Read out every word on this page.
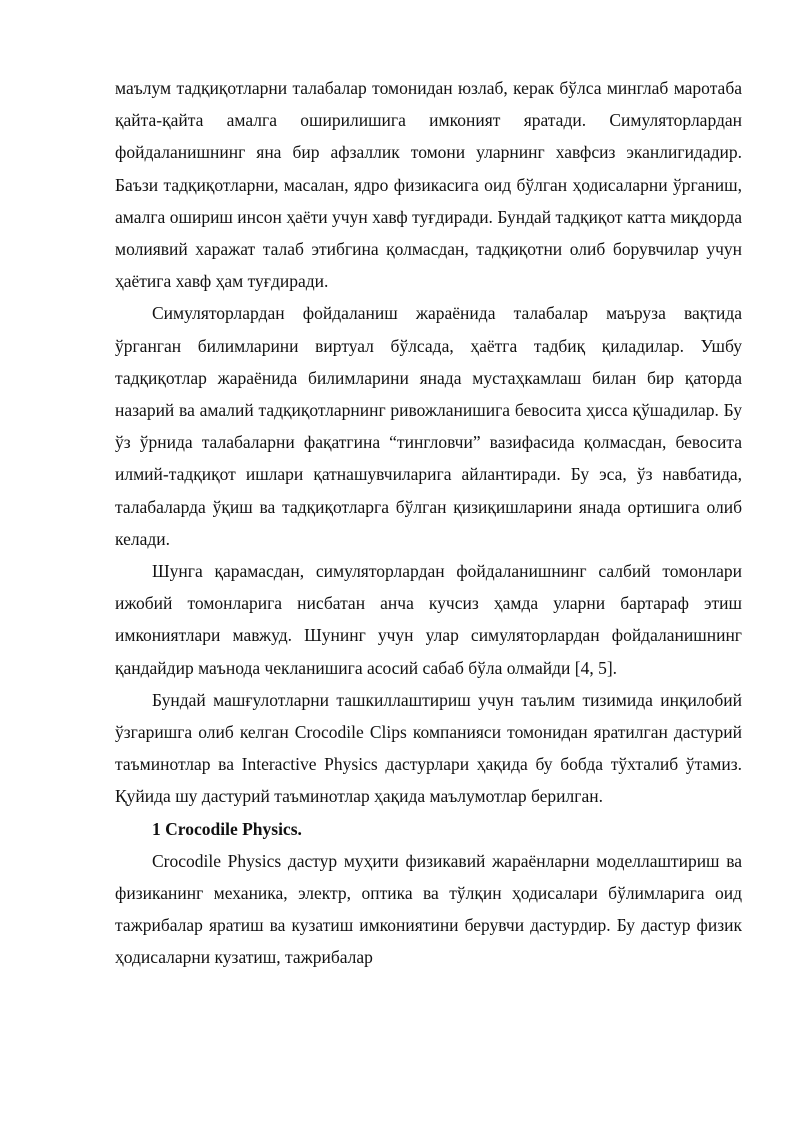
маълум тадқиқотларни талабалар томонидан юзлаб, керак бўлса минглаб маротаба қайта-қайта амалга оширилишига имконият яратади. Симуляторлардан фойдаланишнинг яна бир афзаллик томони уларнинг хавфсиз эканлигидадир. Баъзи тадқиқотларни, масалан, ядро физикасига оид бўлган ҳодисаларни ўрганиш, амалга ошириш инсон ҳаёти учун хавф туғдиради. Бундай тадқиқот катта миқдорда молиявий харажат талаб этибгина қолмасдан, тадқиқотни олиб борувчилар учун ҳаётига хавф ҳам туғдиради.

Симуляторлардан фойдаланиш жараёнида талабалар маъруза вақтида ўрганган билимларини виртуал бўлсада, ҳаётга тадбиқ қиладилар. Ушбу тадқиқотлар жараёнида билимларини янада мустаҳкамлаш билан бир қаторда назарий ва амалий тадқиқотларнинг ривожланишига бевосита ҳисса қўшадилар. Бу ўз ўрнида талабаларни фақатгина “тингловчи” вазифасида қолмасдан, бевосита илмий-тадқиқот ишлари қатнашувчиларига айлантиради. Бу эса, ўз навбатида, талабаларда ўқиш ва тадқиқотларга бўлган қизиқишларини янада ортишига олиб келади.

Шунга қарамасдан, симуляторлардан фойдаланишнинг салбий томонлари ижобий томонларига нисбатан анча кучсиз ҳамда уларни бартараф этиш имкониятлари мавжуд. Шунинг учун улар симуляторлардан фойдаланишнинг қандайдир маънода чекланишига асосий сабаб бўла олмайди [4, 5].

Бундай машғулотларни ташкиллаштириш учун таълим тизимида инқилобий ўзгаришга олиб келган Crocodile Clips компанияси томонидан яратилган дастурий таъминотлар ва Interactive Physics дастурлари ҳақида бу бобда тўхталиб ўтамиз. Қуйида шу дастурий таъминотлар ҳақида маълумотлар берилган.

1 Crocodile Physics.

Crocodile Physics дастур муҳити физикавий жараёнларни моделлаштириш ва физиканинг механика, электр, оптика ва тўлқин ҳодисалари бўлимларига оид тажрибалар яратиш ва кузатиш имкониятини берувчи дастурдир. Бу дастур физик ҳодисаларни кузатиш, тажрибалар
